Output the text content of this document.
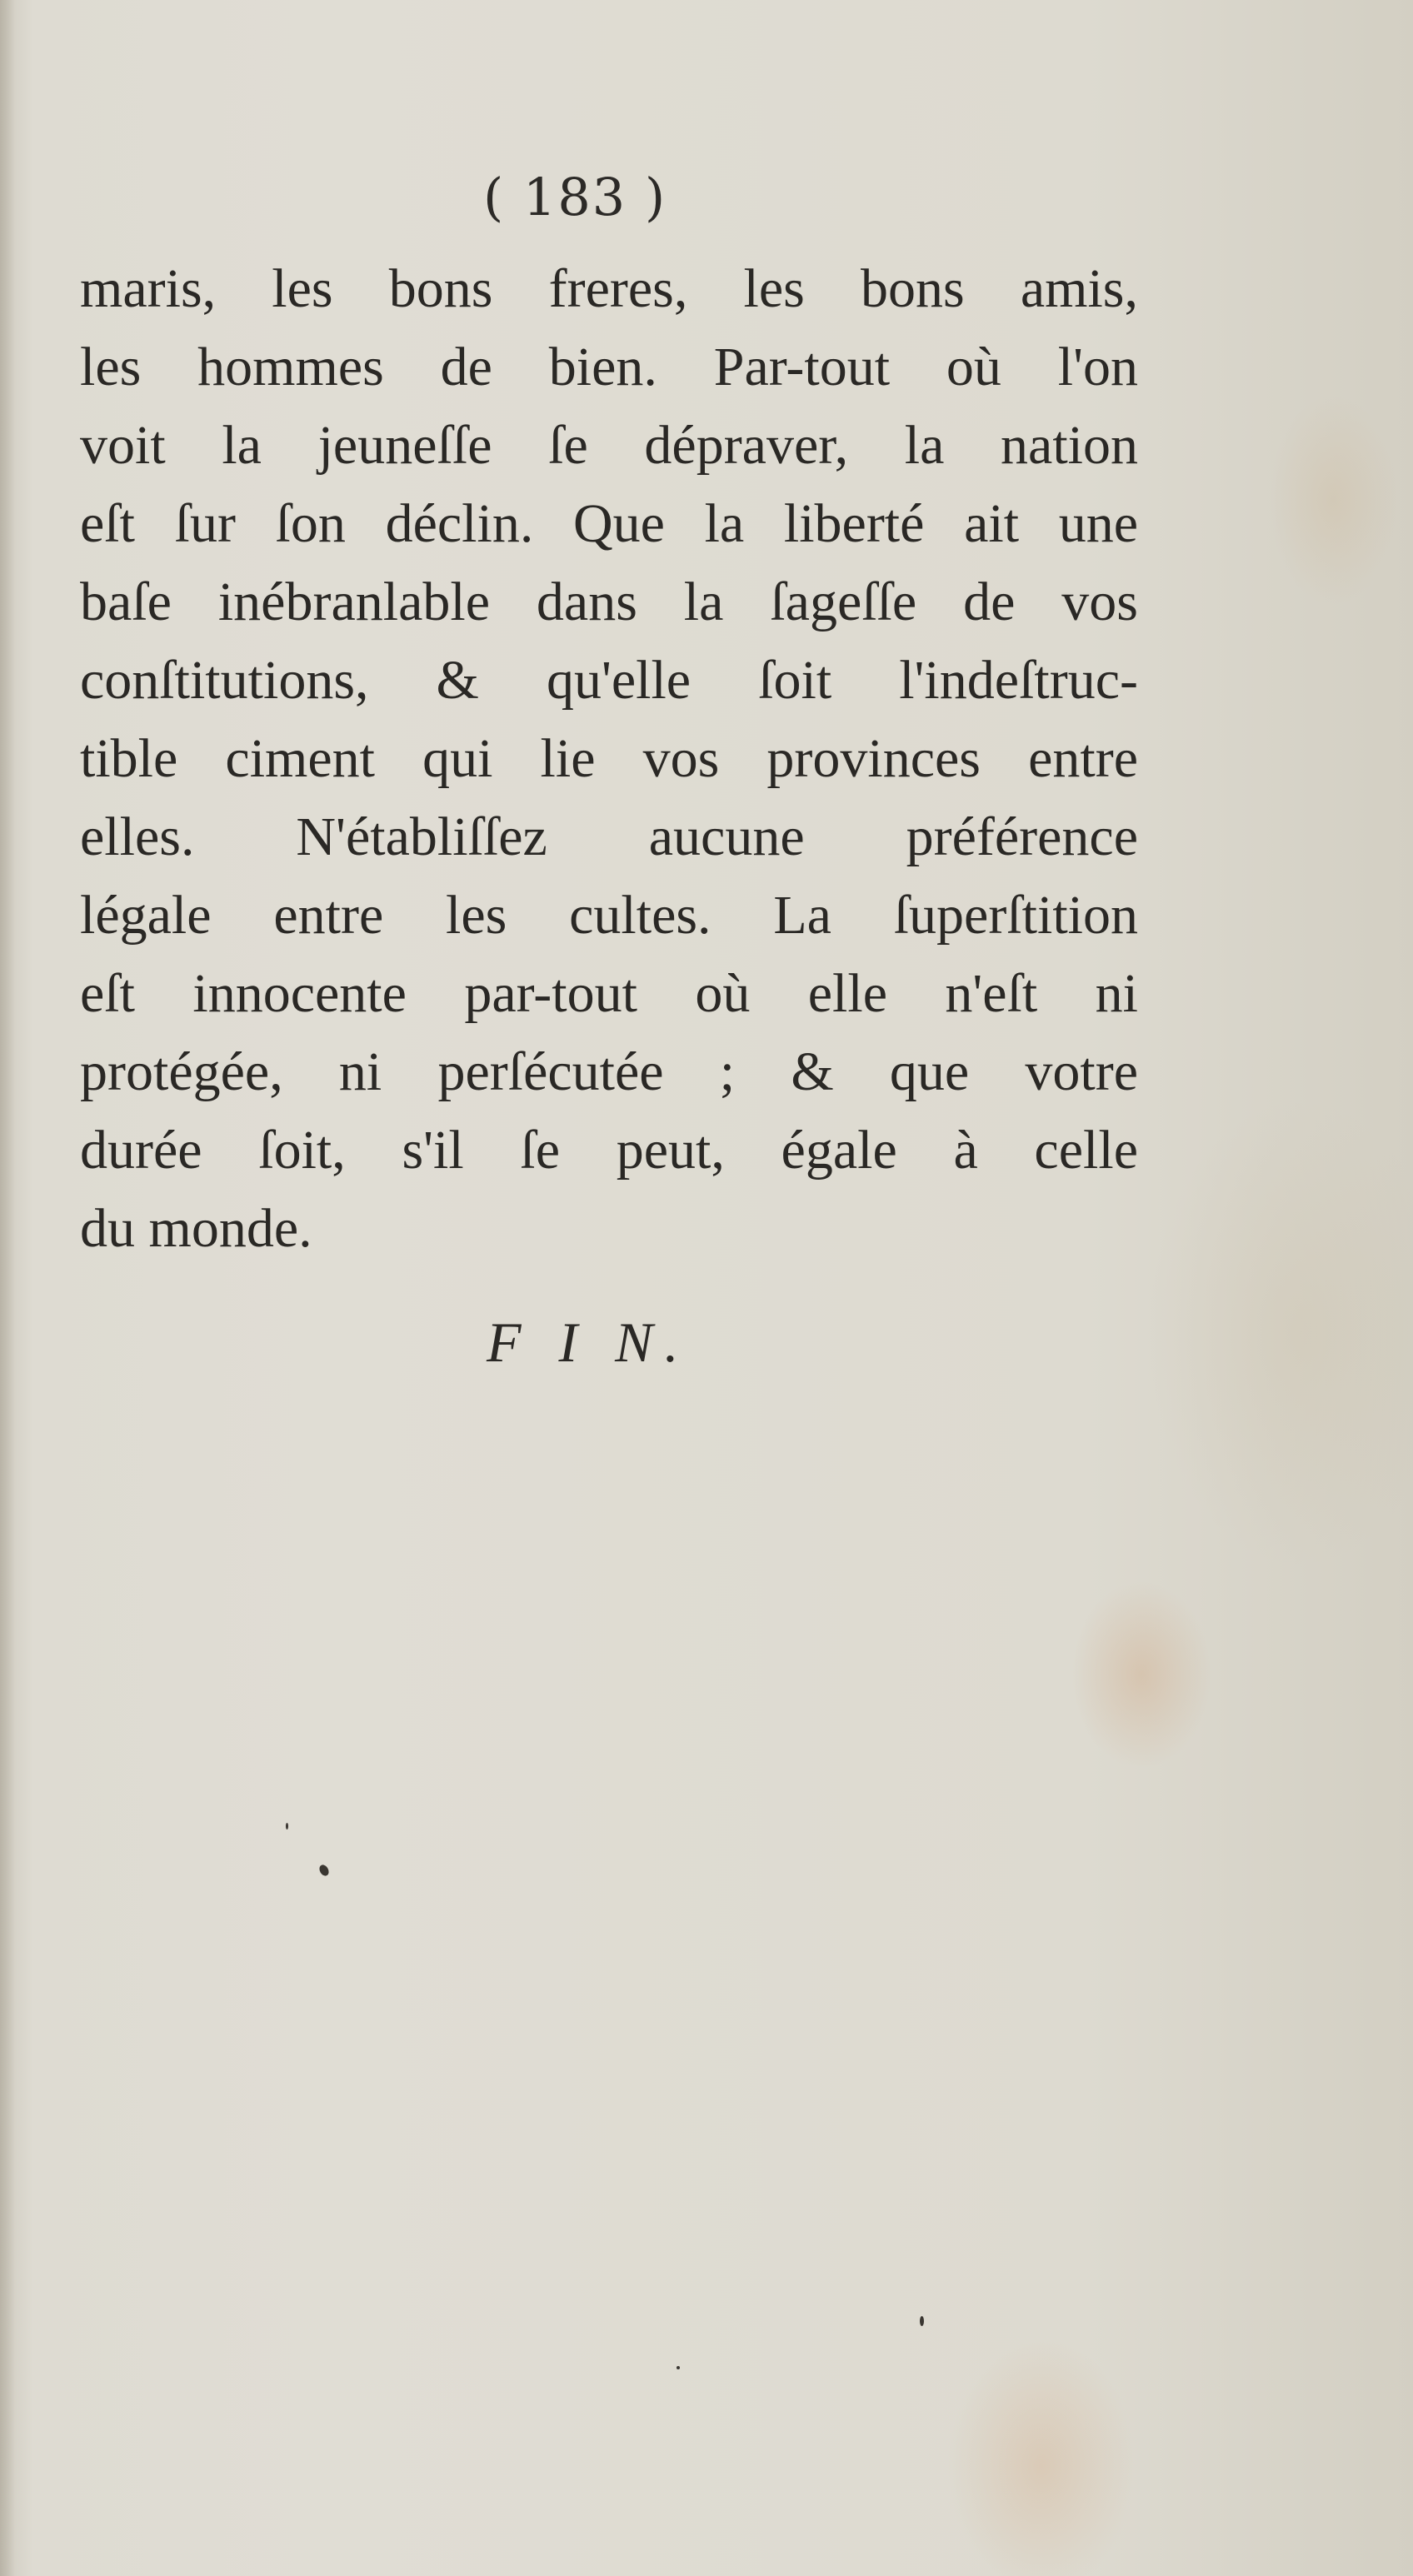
( 183 )
maris, les bons freres, les bons amis,
les hommes de bien. Par-tout où l'on
voit la jeuneſſe ſe dépraver, la nation
eſt ſur ſon déclin. Que la liberté ait une
baſe inébranlable dans la ſageſſe de vos
conſtitutions, & qu'elle ſoit l'indeſtruc-
tible ciment qui lie vos provinces entre
elles. N'établiſſez aucune préférence
légale entre les cultes. La ſuperſtition
eſt innocente par-tout où elle n'eſt ni
protégée, ni perſécutée ; & que votre
durée ſoit, s'il ſe peut, égale à celle
du monde.
F I N.
